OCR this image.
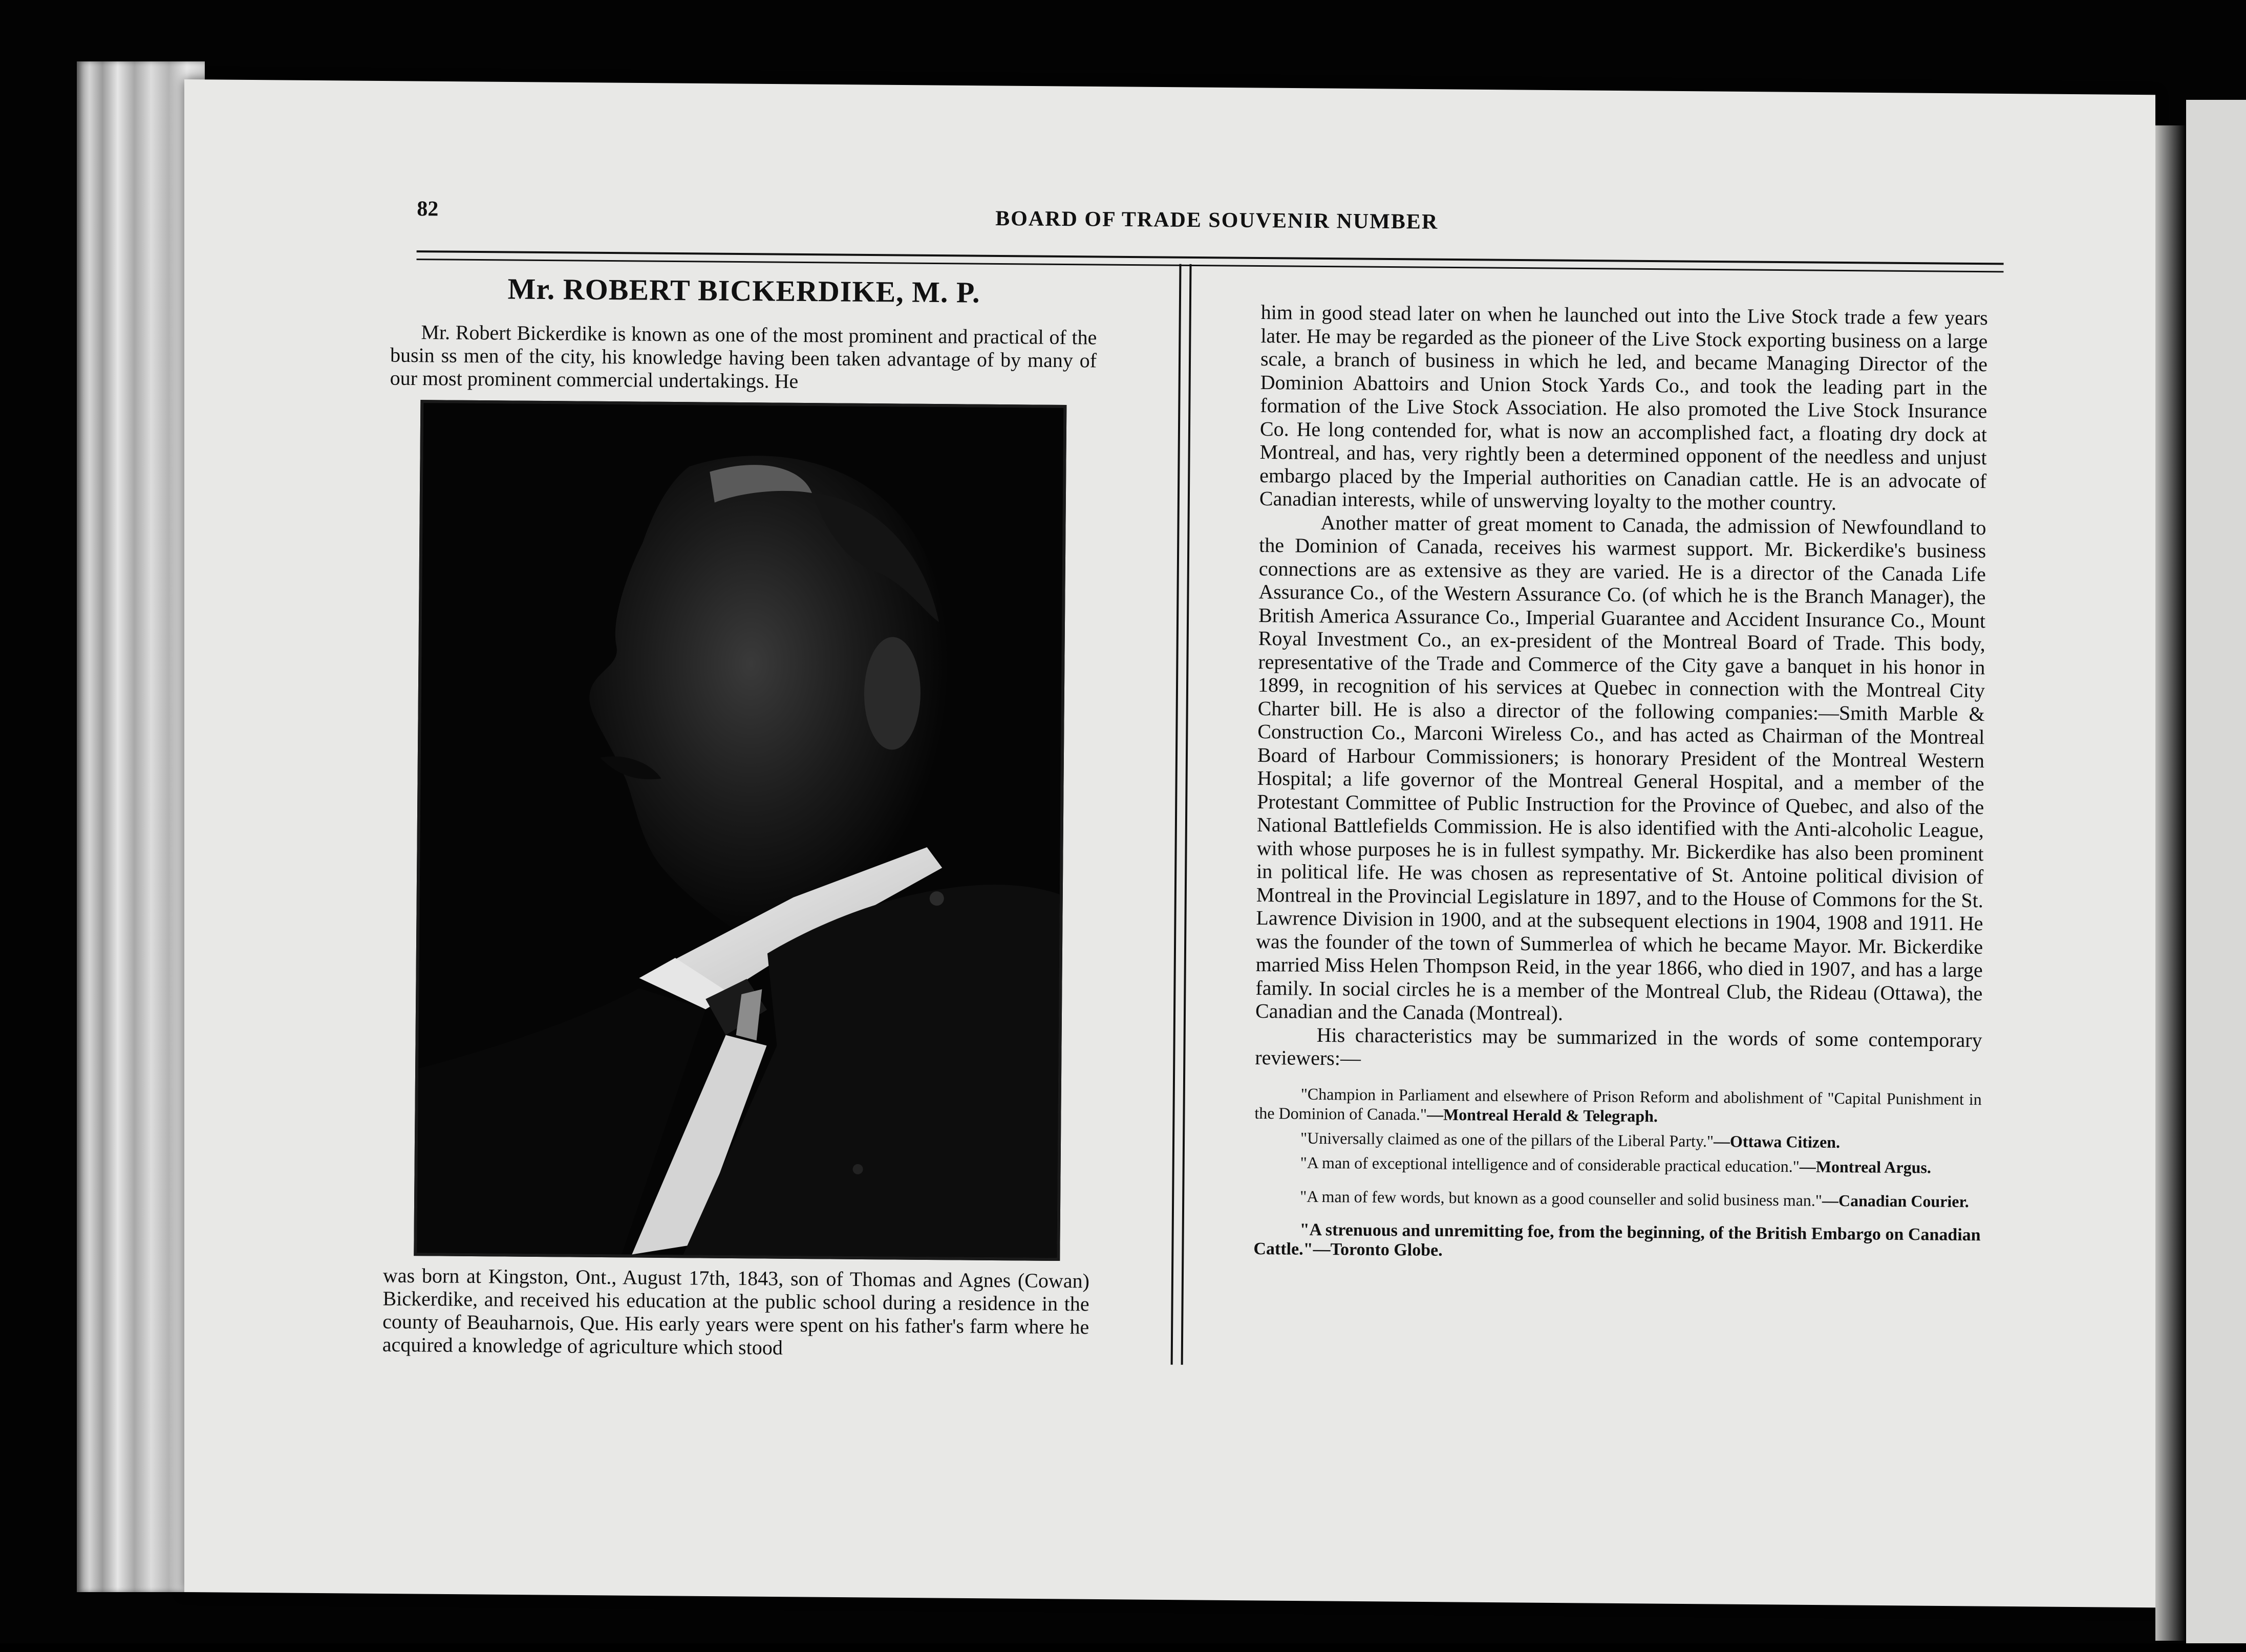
82	BOARD OF TRADE SOUVENIR NUMBER
Mr. ROBERT BICKERDIKE, M. P.

Mr. Robert Bickerdike is known as one of the most prominent and practical of the busin ss men of the city, his knowledge having been taken advantage of by many of our most prominent commercial undertakings. He

was born at Kingston, Ont., August 17th, 1843, son of Thomas and Agnes (Cowan) Bickerdike, and received his education at the public school during a residence in the county of Beauharnois, Que. His early years were spent on his father's farm where he acquired a knowledge of agriculture which stood

him in good stead later on when he launched out into the Live Stock trade a few years later. He may be regarded as the pioneer of the Live Stock exporting business on a large scale, a branch of business in which he led, and became Managing Director of the Dominion Abattoirs and Union Stock Yards Co., and took the leading part in the formation of the Live Stock Association. He also promoted the Live Stock Insurance Co. He long contended for, what is now an accomplished fact, a floating dry dock at Montreal, and has, very rightly been a determined opponent of the needless and unjust embargo placed by the Imperial authorities on Canadian cattle. He is an advocate of Canadian interests, while of unswerving loyalty to the mother country.

Another matter of great moment to Canada, the admission of Newfoundland to the Dominion of Canada, receives his warmest support. Mr. Bickerdike's business connections are as extensive as they are varied. He is a director of the Canada Life Assurance Co., of the Western Assurance Co. (of which he is the Branch Manager), the British America Assurance Co., Imperial Guarantee and Accident Insurance Co., Mount Royal Investment Co., an ex-president of the Montreal Board of Trade. This body, representative of the Trade and Commerce of the City gave a banquet in his honor in 1899, in recognition of his services at Quebec in connection with the Montreal City Charter bill. He is also a director of the following companies:—Smith Marble & Construction Co., Marconi Wireless Co., and has acted as Chairman of the Montreal Board of Harbour Commissioners; is honorary President of the Montreal Western Hospital; a life governor of the Montreal General Hospital, and a member of the Protestant Committee of Public Instruction for the Province of Quebec, and also of the National Battlefields Commission. He is also identified with the Anti-alcoholic League, with whose purposes he is in fullest sympathy. Mr. Bickerdike has also been prominent in political life. He was chosen as representative of St. Antoine political division of Montreal in the Provincial Legislature in 1897, and to the House of Commons for the St. Lawrence Division in 1900, and at the subsequent elections in 1904, 1908 and 1911. He was the founder of the town of Summerlea of which he became Mayor. Mr. Bickerdike married Miss Helen Thompson Reid, in the year 1866, who died in 1907, and has a large family. In social circles he is a member of the Montreal Club, the Rideau (Ottawa), the Canadian and the Canada (Montreal).

His characteristics may be summarized in the words of some contemporary reviewers:—

"Champion in Parliament and elsewhere of Prison Reform and abolishment of "Capital Punishment in the Dominion of Canada."—Montreal Herald & Telegraph.

"Universally claimed as one of the pillars of the Liberal Party."—Ottawa Citizen.

"A man of exceptional intelligence and of considerable practical education."—Montreal Argus.

"A man of few words, but known as a good counseller and solid business man."—Canadian Courier.

"A strenuous and unremitting foe, from the beginning, of the British Embargo on Canadian Cattle."—Toronto Globe.
